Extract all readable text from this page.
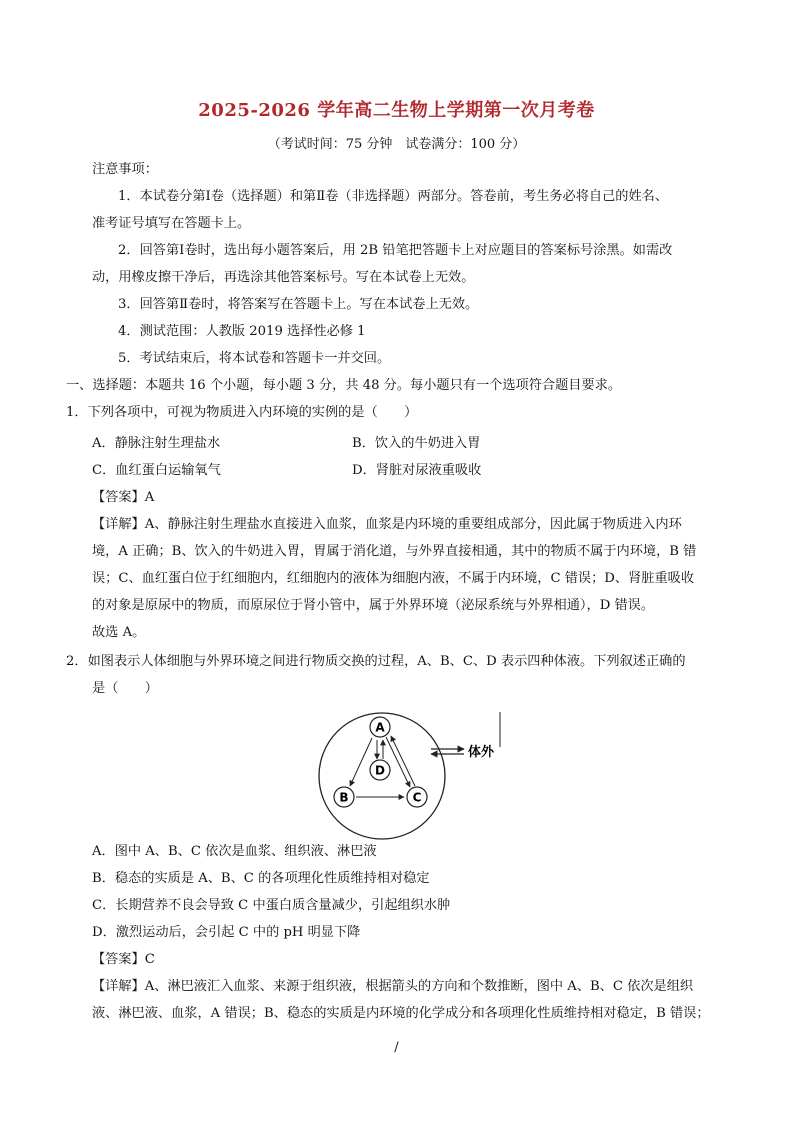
2025-2026 学年高二生物上学期第一次月考卷
（考试时间：75 分钟　试卷满分：100 分）
注意事项：
1．本试卷分第Ⅰ卷（选择题）和第Ⅱ卷（非选择题）两部分。答卷前，考生务必将自己的姓名、
准考证号填写在答题卡上。
2．回答第Ⅰ卷时，选出每小题答案后，用 2B 铅笔把答题卡上对应题目的答案标号涂黑。如需改
动，用橡皮擦干净后，再选涂其他答案标号。写在本试卷上无效。
3．回答第Ⅱ卷时，将答案写在答题卡上。写在本试卷上无效。
4．测试范围：人教版 2019 选择性必修 1
5．考试结束后，将本试卷和答题卡一并交回。
一、选择题：本题共 16 个小题，每小题 3 分，共 48 分。每小题只有一个选项符合题目要求。
1．下列各项中，可视为物质进入内环境的实例的是（　　）
A．静脉注射生理盐水	B．饮入的牛奶进入胃
C．血红蛋白运输氧气	D．肾脏对尿液重吸收
【答案】A
【详解】A、静脉注射生理盐水直接进入血浆，血浆是内环境的重要组成部分，因此属于物质进入内环
境，A 正确；B、饮入的牛奶进入胃，胃属于消化道，与外界直接相通，其中的物质不属于内环境，B 错
误；C、血红蛋白位于红细胞内，红细胞内的液体为细胞内液，不属于内环境，C 错误；D、肾脏重吸收
的对象是原尿中的物质，而原尿位于肾小管中，属于外界环境（泌尿系统与外界相通），D 错误。
故选 A。
2．如图表示人体细胞与外界环境之间进行物质交换的过程，A、B、C、D 表示四种体液。下列叙述正确的
是（　　）
A
D
B	C
体外
A．图中 A、B、C 依次是血浆、组织液、淋巴液
B．稳态的实质是 A、B、C 的各项理化性质维持相对稳定
C．长期营养不良会导致 C 中蛋白质含量减少，引起组织水肿
D．激烈运动后，会引起 C 中的 pH 明显下降
【答案】C
【详解】A、淋巴液汇入血浆、来源于组织液，根据箭头的方向和个数推断，图中 A、B、C 依次是组织
液、淋巴液、血浆，A 错误；B、稳态的实质是内环境的化学成分和各项理化性质维持相对稳定，B 错误；
/
